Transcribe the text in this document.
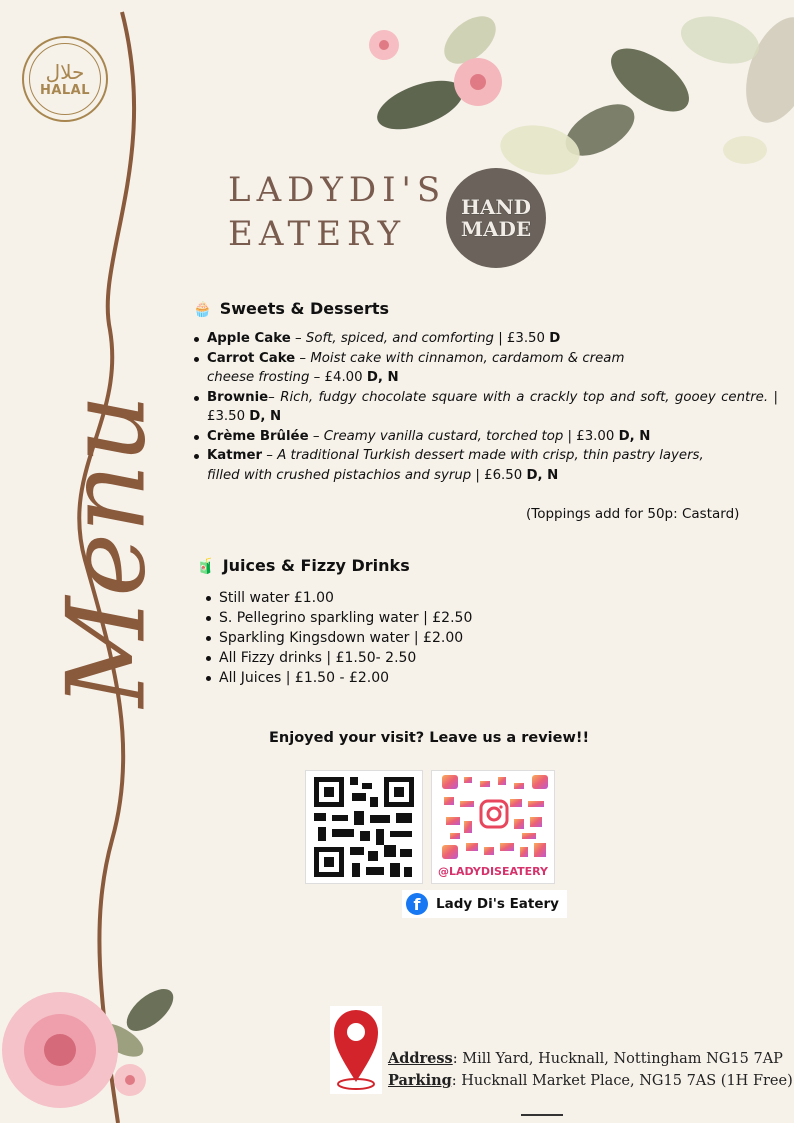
حلال
HALAL
Menu
LADYDI'S
EATERY
HAND
MADE
🧁 Sweets & Desserts
Apple Cake – Soft, spiced, and comforting | £3.50 D
Carrot Cake – Moist cake with cinnamon, cardamom & cream cheese frosting – £4.00 D, N
Brownie– Rich, fudgy chocolate square with a crackly top and soft, gooey centre. | £3.50 D, N
Crème Brûlée – Creamy vanilla custard, torched top | £3.00 D, N
Katmer – A traditional Turkish dessert made with crisp, thin pastry layers, filled with crushed pistachios and syrup | £6.50 D, N
(Toppings add for 50p: Castard)
🧃 Juices & Fizzy Drinks
Still water £1.00
S. Pellegrino sparkling water | £2.50
Sparkling Kingsdown water | £2.00
All Fizzy drinks | £1.50- 2.50
All Juices | £1.50 - £2.00
Enjoyed your visit? Leave us a review!!
@LADYDISEATERY
f	Lady Di's Eatery
Address: Mill Yard, Hucknall, Nottingham NG15 7AP
Parking: Hucknall Market Place, NG15 7AS (1H Free)
